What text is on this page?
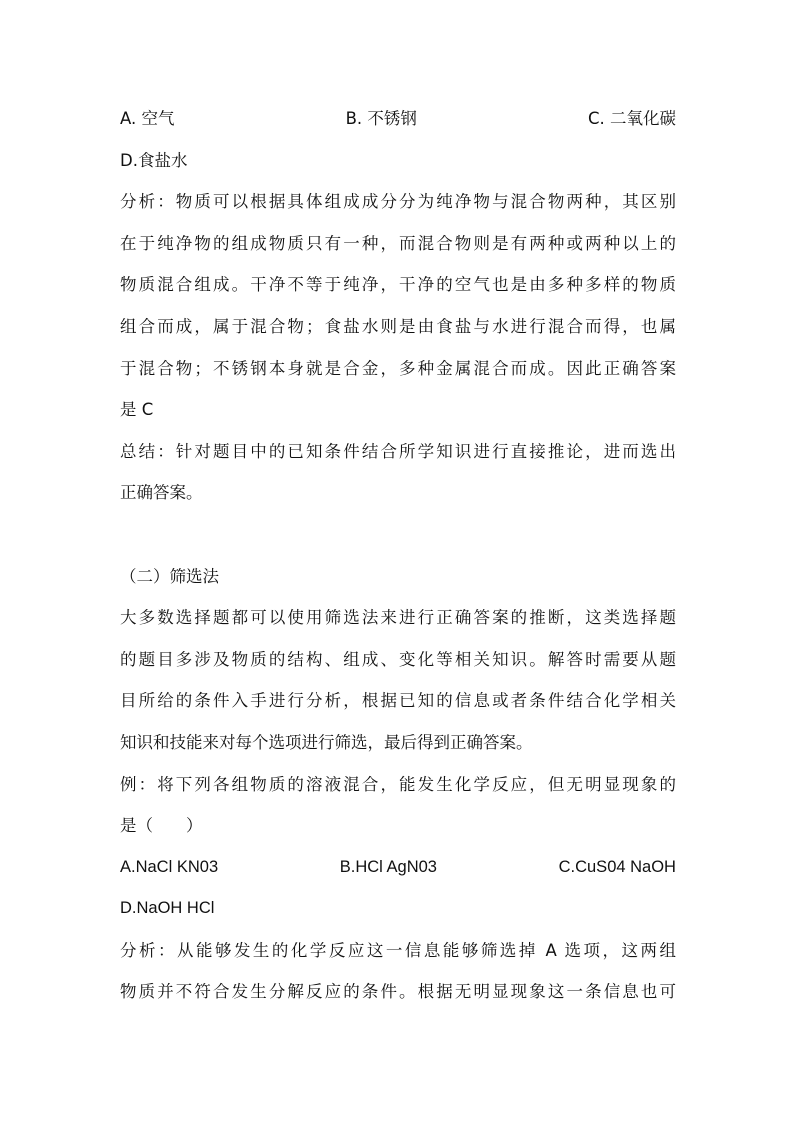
A. 空气	B. 不锈钢	C. 二氧化碳
D.食盐水
分析：物质可以根据具体组成成分分为纯净物与混合物两种，其区别
在于纯净物的组成物质只有一种，而混合物则是有两种或两种以上的
物质混合组成。干净不等于纯净，干净的空气也是由多种多样的物质
组合而成，属于混合物；食盐水则是由食盐与水进行混合而得，也属
于混合物；不锈钢本身就是合金，多种金属混合而成。因此正确答案
是 C
总结：针对题目中的已知条件结合所学知识进行直接推论，进而选出
正确答案。
（二）筛选法
大多数选择题都可以使用筛选法来进行正确答案的推断，这类选择题
的题目多涉及物质的结构、组成、变化等相关知识。解答时需要从题
目所给的条件入手进行分析，根据已知的信息或者条件结合化学相关
知识和技能来对每个选项进行筛选，最后得到正确答案。
例：将下列各组物质的溶液混合，能发生化学反应，但无明显现象的
是（　　）
A.NaCl KN03	B.HCl AgN03	C.CuS04 NaOH
D.NaOH HCl
分析：从能够发生的化学反应这一信息能够筛选掉 A 选项，这两组
物质并不符合发生分解反应的条件。根据无明显现象这一条信息也可
